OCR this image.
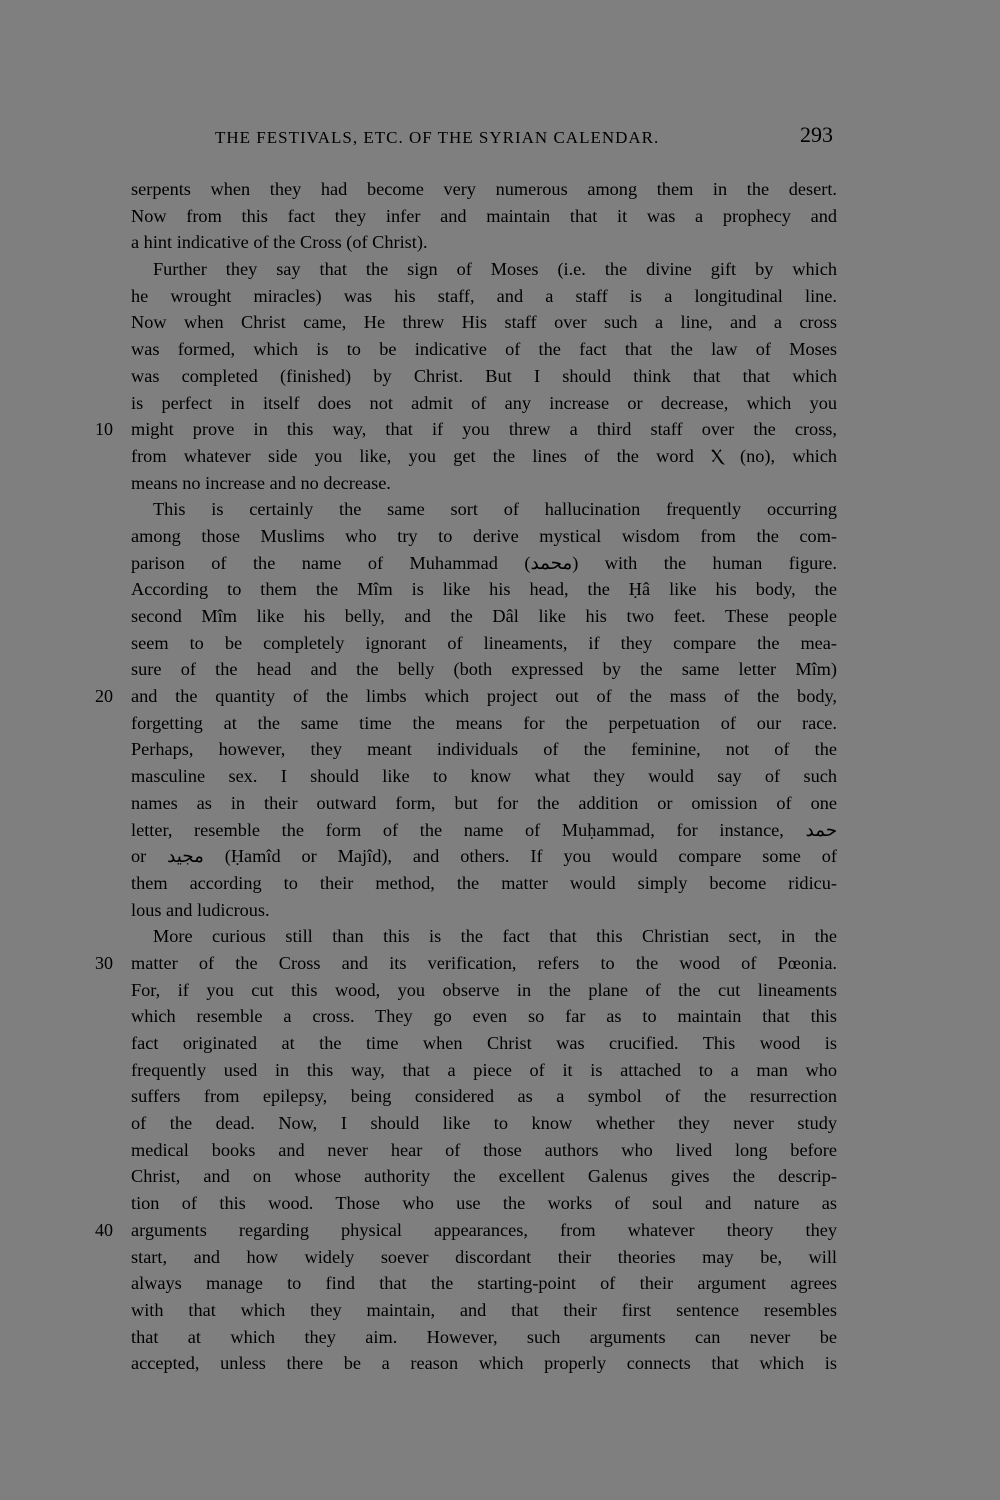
THE FESTIVALS, ETC. OF THE SYRIAN CALENDAR.	293
serpents when they had become very numerous among them in the desert.
Now from this fact they infer and maintain that it was a prophecy and
a hint indicative of the Cross (of Christ).
Further they say that the sign of Moses (i.e. the divine gift by which
he wrought miracles) was his staff, and a staff is a longitudinal line.
Now when Christ came, He threw His staff over such a line, and a cross
was formed, which is to be indicative of the fact that the law of Moses
was completed (finished) by Christ. But I should think that that which
is perfect in itself does not admit of any increase or decrease, which you
10 might prove in this way, that if you threw a third staff over the cross,
from whatever side you like, you get the lines of the word Ⲭ (no), which
means no increase and no decrease.
This is certainly the same sort of hallucination frequently occurring
among those Muslims who try to derive mystical wisdom from the com-
parison of the name of Muhammad (محمد) with the human figure.
According to them the Mîm is like his head, the Ḥâ like his body, the
second Mîm like his belly, and the Dâl like his two feet. These people
seem to be completely ignorant of lineaments, if they compare the mea-
sure of the head and the belly (both expressed by the same letter Mîm)
20 and the quantity of the limbs which project out of the mass of the body,
forgetting at the same time the means for the perpetuation of our race.
Perhaps, however, they meant individuals of the feminine, not of the
masculine sex. I should like to know what they would say of such
names as in their outward form, but for the addition or omission of one
letter, resemble the form of the name of Muḥammad, for instance, حمد
or مجيد (Ḥamîd or Majîd), and others. If you would compare some of
them according to their method, the matter would simply become ridicu-
lous and ludicrous.
More curious still than this is the fact that this Christian sect, in the
30 matter of the Cross and its verification, refers to the wood of Pœonia.
For, if you cut this wood, you observe in the plane of the cut lineaments
which resemble a cross. They go even so far as to maintain that this
fact originated at the time when Christ was crucified. This wood is
frequently used in this way, that a piece of it is attached to a man who
suffers from epilepsy, being considered as a symbol of the resurrection
of the dead. Now, I should like to know whether they never study
medical books and never hear of those authors who lived long before
Christ, and on whose authority the excellent Galenus gives the descrip-
tion of this wood. Those who use the works of soul and nature as
40 arguments regarding physical appearances, from whatever theory they
start, and how widely soever discordant their theories may be, will
always manage to find that the starting-point of their argument agrees
with that which they maintain, and that their first sentence resembles
that at which they aim. However, such arguments can never be
accepted, unless there be a reason which properly connects that which is
